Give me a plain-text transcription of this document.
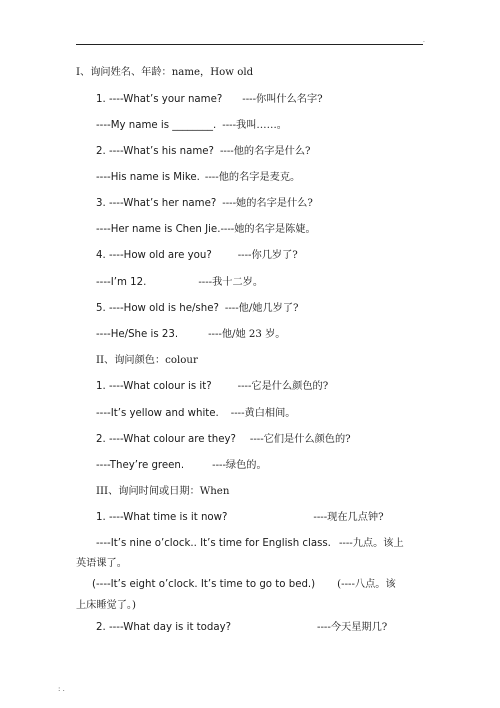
.
I、询问姓名、年龄：name，How old
1. ----What’s your name? ----你叫什么名字?
----My name is ________. ----我叫……。
2. ----What’s his name? ----他的名字是什么?
----His name is Mike. ----他的名字是麦克。
3. ----What’s her name? ----她的名字是什么?
----Her name is Chen Jie.----她的名字是陈婕。
4. ----How old are you?	----你几岁了?
----I’m 12.	----我十二岁。
5. ----How old is he/she? ----他/她几岁了?
----He/She is 23.	----他/她 23 岁。
II、询问颜色：colour
1. ----What colour is it?	----它是什么颜色的?
----It’s yellow and white. ----黄白相间。
2. ----What colour are they? ----它们是什么颜色的?
----They’re green.	----绿色的。
III、询问时间或日期：When
1. ----What time is it now?	----现在几点钟?
----It’s nine o’clock.. It’s time for English class. ----九点。该上
英语课了。
(----It’s eight o’clock. It’s time to go to bed.) (----八点。该
上床睡觉了。)
2. ----What day is it today?	----今天星期几?
: .
